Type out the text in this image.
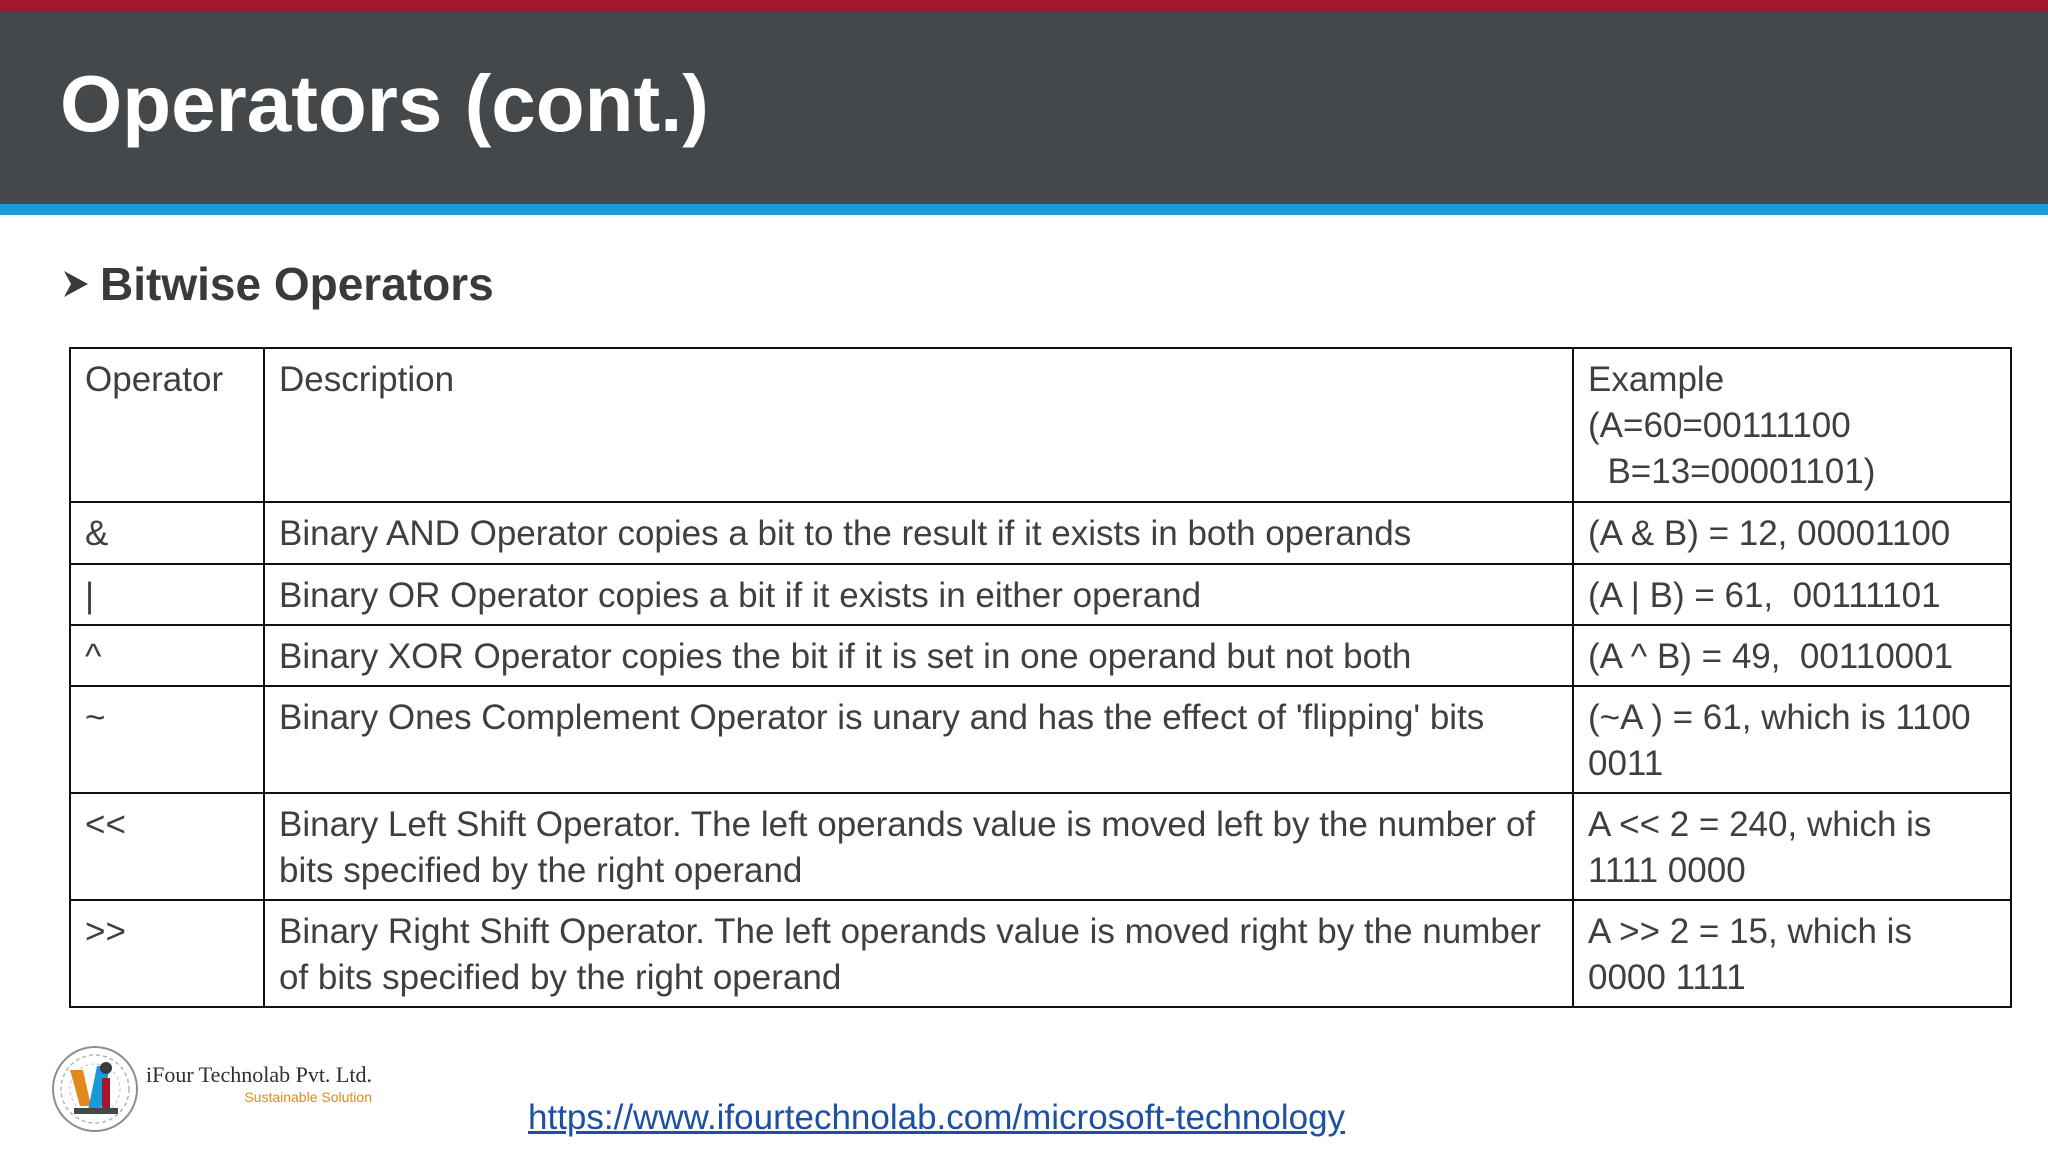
Operators (cont.)
Bitwise Operators
Operator	Description	Example
(A=60=00111100
B=13=00001101)
&	Binary AND Operator copies a bit to the result if it exists in both operands	(A & B) = 12, 00001100
|	Binary OR Operator copies a bit if it exists in either operand	(A | B) = 61,  00111101
^	Binary XOR Operator copies the bit if it is set in one operand but not both	(A ^ B) = 49,  00110001
~	Binary Ones Complement Operator is unary and has the effect of 'flipping' bits	(~A ) = 61, which is 1100 0011
<<	Binary Left Shift Operator. The left operands value is moved left by the number of bits specified by the right operand	A << 2 = 240, which is 1111 0000
>>	Binary Right Shift Operator. The left operands value is moved right by the number of bits specified by the right operand	A >> 2 = 15, which is 0000 1111
iFour Technolab Pvt. Ltd.
Sustainable Solution
https://www.ifourtechnolab.com/microsoft-technology
